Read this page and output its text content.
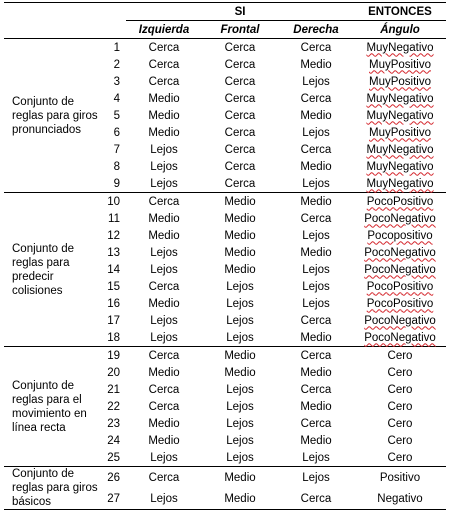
		SI			ENTONCES
		Izquierda	Frontal	Derecha	Ángulo
Conjunto de reglas para giros pronunciados	1	Cerca	Cerca	Cerca	MuyNegativo
	2	Cerca	Cerca	Medio	MuyPositivo
	3	Cerca	Cerca	Lejos	MuyPositivo
	4	Medio	Cerca	Cerca	MuyNegativo
	5	Medio	Cerca	Medio	MuyNegativo
	6	Medio	Cerca	Lejos	MuyPositivo
	7	Lejos	Cerca	Cerca	MuyNegativo
	8	Lejos	Cerca	Medio	MuyNegativo
	9	Lejos	Cerca	Lejos	MuyNegativo
Conjunto de reglas para predecir colisiones	10	Cerca	Medio	Medio	PocoPositivo
	11	Medio	Medio	Cerca	PocoNegativo
	12	Medio	Medio	Lejos	Pocopositivo
	13	Lejos	Medio	Medio	PocoNegativo
	14	Lejos	Medio	Lejos	PocoNegativo
	15	Cerca	Lejos	Lejos	PocoPositivo
	16	Medio	Lejos	Lejos	PocoPositivo
	17	Lejos	Lejos	Cerca	PocoNegativo
	18	Lejos	Lejos	Medio	PocoNegativo
Conjunto de reglas para el movimiento en línea recta	19	Cerca	Medio	Cerca	Cero
	20	Medio	Medio	Medio	Cero
	21	Cerca	Lejos	Cerca	Cero
	22	Cerca	Lejos	Medio	Cero
	23	Medio	Lejos	Cerca	Cero
	24	Medio	Lejos	Medio	Cero
	25	Lejos	Lejos	Lejos	Cero
Conjunto de reglas para giros básicos	26	Cerca	Medio	Lejos	Positivo
	27	Lejos	Medio	Cerca	Negativo
